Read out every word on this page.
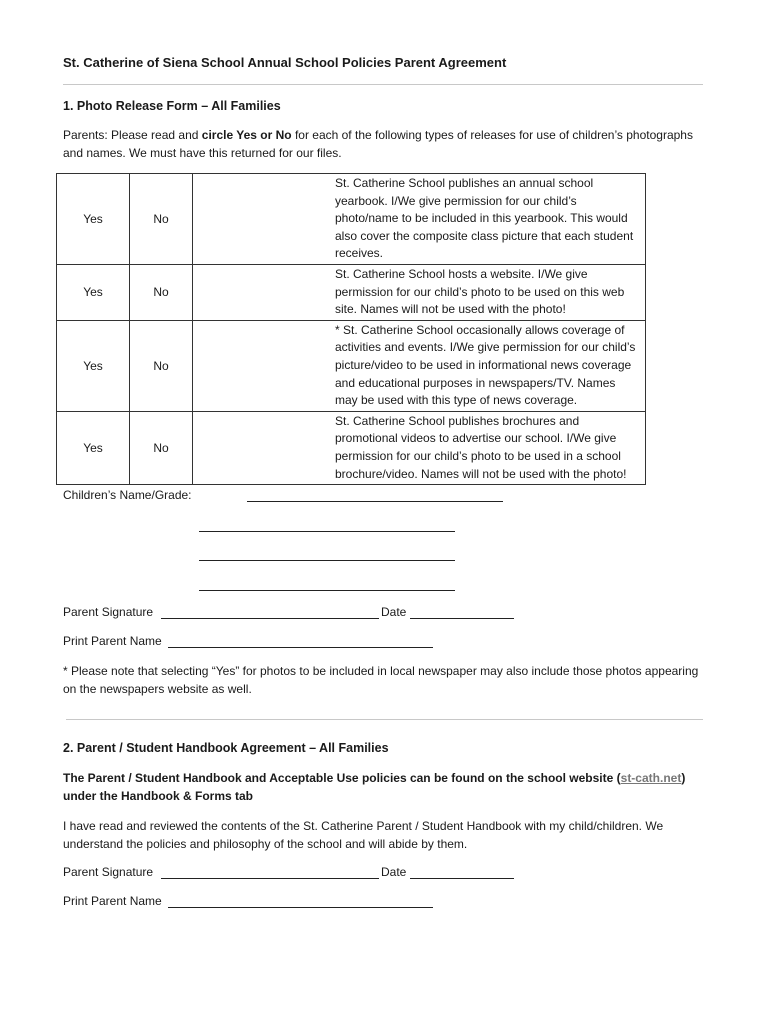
St. Catherine of Siena School Annual School Policies Parent Agreement
1. Photo Release Form – All Families
Parents: Please read and circle Yes or No for each of the following types of releases for use of children’s photographs and names. We must have this returned for our files.
Yes	No	St. Catherine School publishes an annual school yearbook. I/We give permission for our child’s photo/name to be included in this yearbook. This would also cover the composite class picture that each student receives.

Yes	No	St. Catherine School hosts a website. I/We give permission for our child’s photo to be used on this web site. Names will not be used with the photo!

Yes	No	* St. Catherine School occasionally allows coverage of activities and events. I/We give permission for our child’s picture/video to be used in informational news coverage and educational purposes in newspapers/TV. Names may be used with this type of news coverage.

Yes	No	St. Catherine School publishes brochures and promotional videos to advertise our school. I/We give permission for our child’s photo to be used in a school brochure/video. Names will not be used with the photo!
Children’s Name/Grade:
Parent Signature	Date
Print Parent Name
* Please note that selecting “Yes” for photos to be included in local newspaper may also include those photos appearing on the newspapers website as well.
2. Parent / Student Handbook Agreement – All Families
The Parent / Student Handbook and Acceptable Use policies can be found on the school website (st-cath.net) under the Handbook & Forms tab
I have read and reviewed the contents of the St. Catherine Parent / Student Handbook with my child/children. We understand the policies and philosophy of the school and will abide by them.
Parent Signature	Date
Print Parent Name
